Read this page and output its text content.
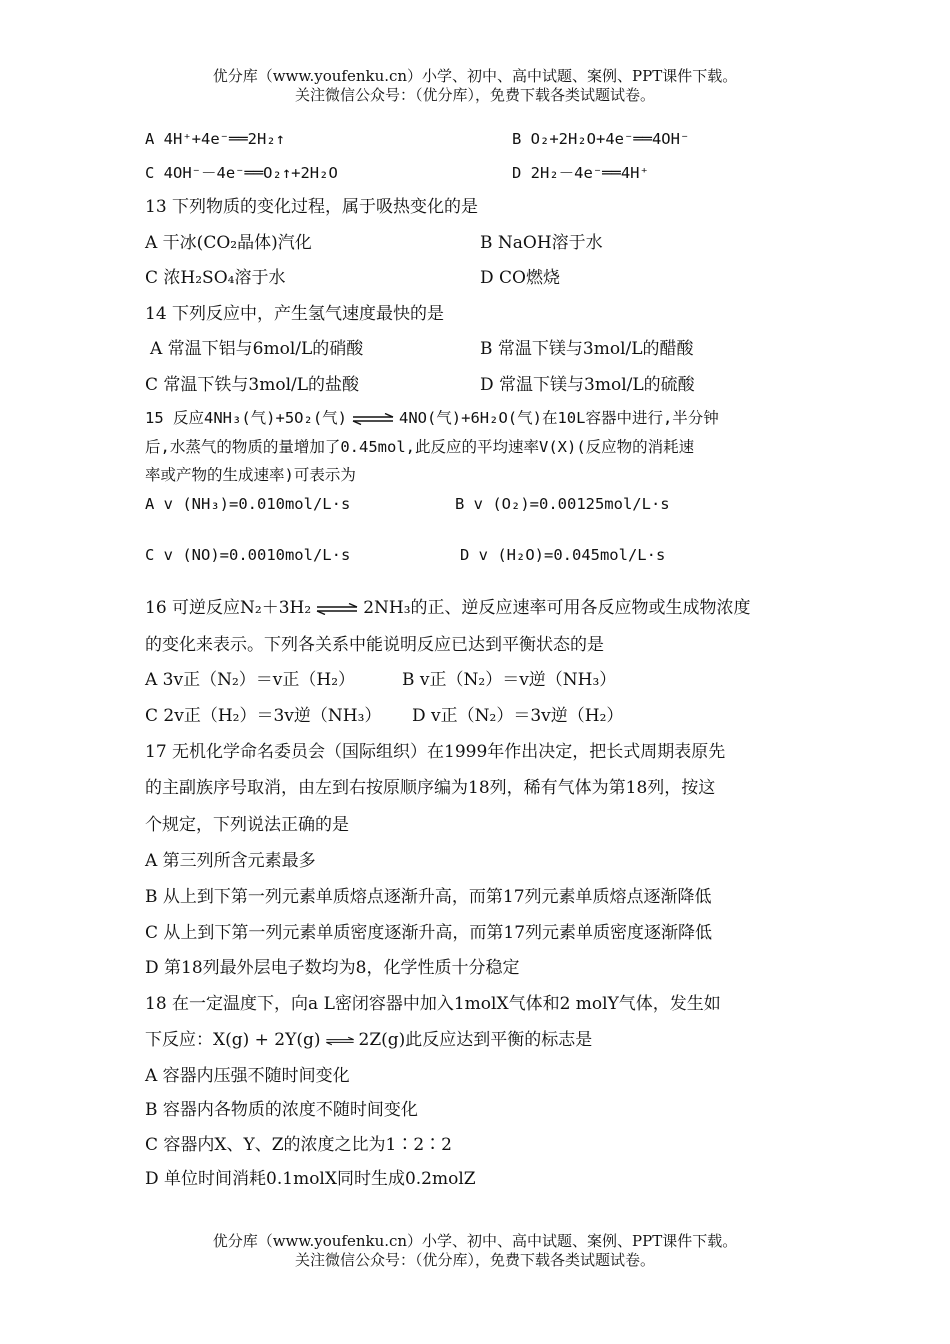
优分库（www.youfenku.cn）小学、初中、高中试题、案例、PPT课件下载。
关注微信公众号：（优分库），免费下载各类试题试卷。
A 4H⁺+4e⁻══2H₂↑	B O₂+2H₂O+4e⁻══4OH⁻
C 4OH⁻－4e⁻══O₂↑+2H₂O	D 2H₂－4e⁻══4H⁺
13 下列物质的变化过程，属于吸热变化的是
A 干冰(CO₂晶体)汽化	B NaOH溶于水
C 浓H₂SO₄溶于水	D CO燃烧
14 下列反应中，产生氢气速度最快的是
A 常温下铝与6mol/L的硝酸	B 常温下镁与3mol/L的醋酸
C 常温下铁与3mol/L的盐酸	D 常温下镁与3mol/L的硫酸
15 反应4NH₃(气)+5O₂(气) ⇌ 4NO(气)+6H₂O(气)在10L容器中进行,半分钟
后,水蒸气的物质的量增加了0.45mol,此反应的平均速率V(X)(反应物的消耗速
率或产物的生成速率)可表示为
A v (NH₃)=0.010mol/L·s	B v (O₂)=0.00125mol/L·s
C v (NO)=0.0010mol/L·s	D v (H₂O)=0.045mol/L·s
16 可逆反应N₂＋3H₂ ⇌ 2NH₃的正、逆反应速率可用各反应物或生成物浓度
的变化来表示。下列各关系中能说明反应已达到平衡状态的是
A 3v正（N₂）＝v正（H₂）	B v正（N₂）＝v逆（NH₃）
C 2v正（H₂）＝3v逆（NH₃） D v正（N₂）＝3v逆（H₂）
17 无机化学命名委员会（国际组织）在1999年作出决定，把长式周期表原先
的主副族序号取消，由左到右按原顺序编为18列，稀有气体为第18列，按这
个规定，下列说法正确的是
A 第三列所含元素最多
B 从上到下第一列元素单质熔点逐渐升高，而第17列元素单质熔点逐渐降低
C 从上到下第一列元素单质密度逐渐升高，而第17列元素单质密度逐渐降低
D 第18列最外层电子数均为8，化学性质十分稳定
18 在一定温度下，向a L密闭容器中加入1molX气体和2 molY气体，发生如
下反应：X(g) + 2Y(g) ⇌ 2Z(g)此反应达到平衡的标志是
A 容器内压强不随时间变化
B 容器内各物质的浓度不随时间变化
C 容器内X、Y、Z的浓度之比为1∶2∶2
D 单位时间消耗0.1molX同时生成0.2molZ
优分库（www.youfenku.cn）小学、初中、高中试题、案例、PPT课件下载。
关注微信公众号：（优分库），免费下载各类试题试卷。
